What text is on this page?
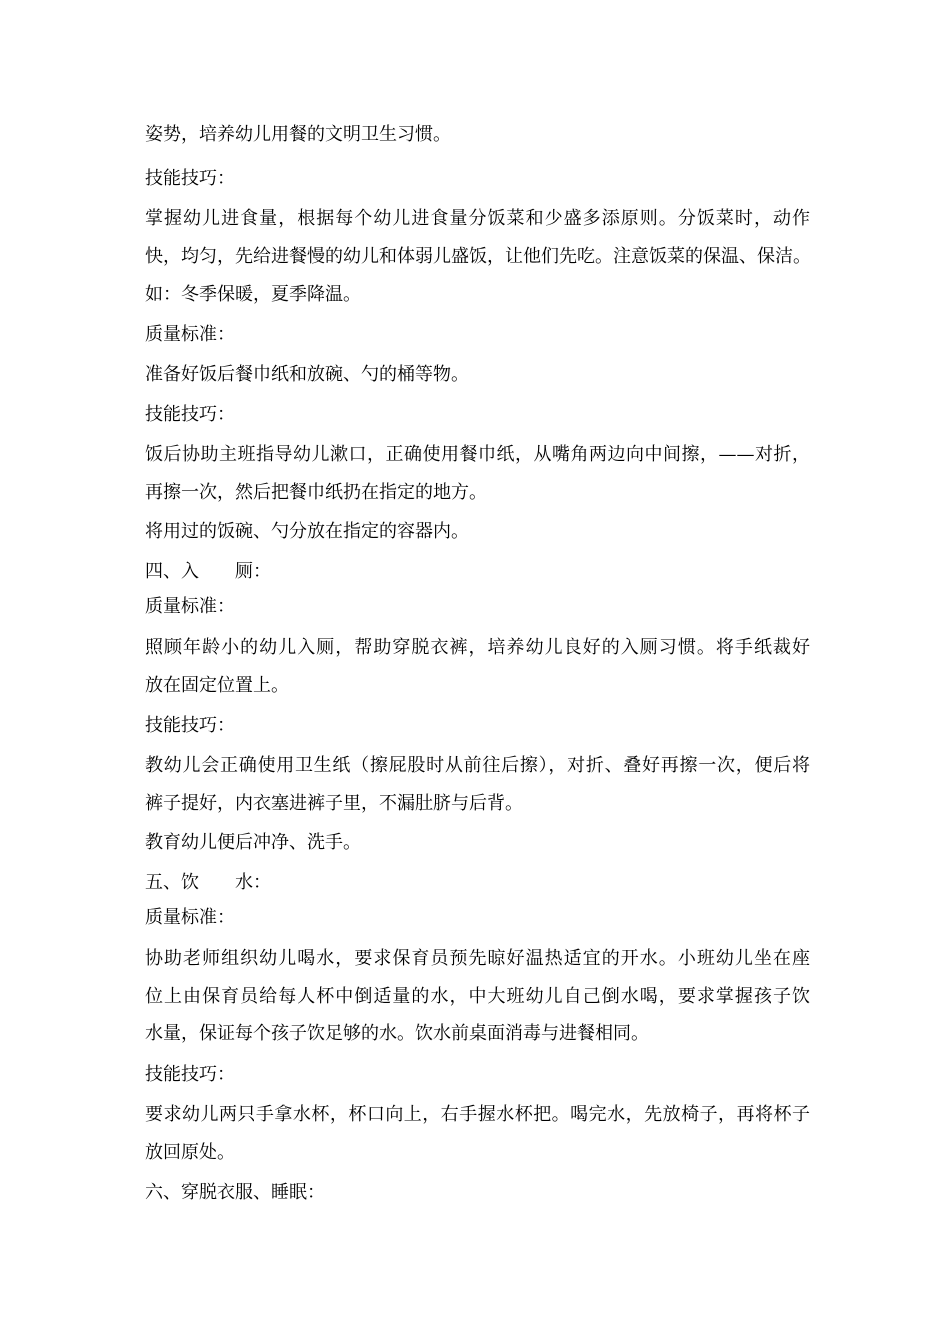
姿势，培养幼儿用餐的文明卫生习惯。
技能技巧：
掌握幼儿进食量，根据每个幼儿进食量分饭菜和少盛多添原则。分饭菜时，动作
快，均匀，先给进餐慢的幼儿和体弱儿盛饭，让他们先吃。注意饭菜的保温、保洁。
如：冬季保暖，夏季降温。
质量标准：
准备好饭后餐巾纸和放碗、勺的桶等物。
技能技巧：
饭后协助主班指导幼儿漱口，正确使用餐巾纸，从嘴角两边向中间擦，——对折，
再擦一次，然后把餐巾纸扔在指定的地方。
将用过的饭碗、勺分放在指定的容器内。
四、入　　厕：
质量标准：
照顾年龄小的幼儿入厕，帮助穿脱衣裤，培养幼儿良好的入厕习惯。将手纸裁好
放在固定位置上。
技能技巧：
教幼儿会正确使用卫生纸（擦屁股时从前往后擦），对折、叠好再擦一次，便后将
裤子提好，内衣塞进裤子里，不漏肚脐与后背。
教育幼儿便后冲净、洗手。
五、饮　　水：
质量标准：
协助老师组织幼儿喝水，要求保育员预先晾好温热适宜的开水。小班幼儿坐在座
位上由保育员给每人杯中倒适量的水，中大班幼儿自己倒水喝，要求掌握孩子饮
水量，保证每个孩子饮足够的水。饮水前桌面消毒与进餐相同。
技能技巧：
要求幼儿两只手拿水杯，杯口向上，右手握水杯把。喝完水，先放椅子，再将杯子
放回原处。
六、穿脱衣服、睡眠：
